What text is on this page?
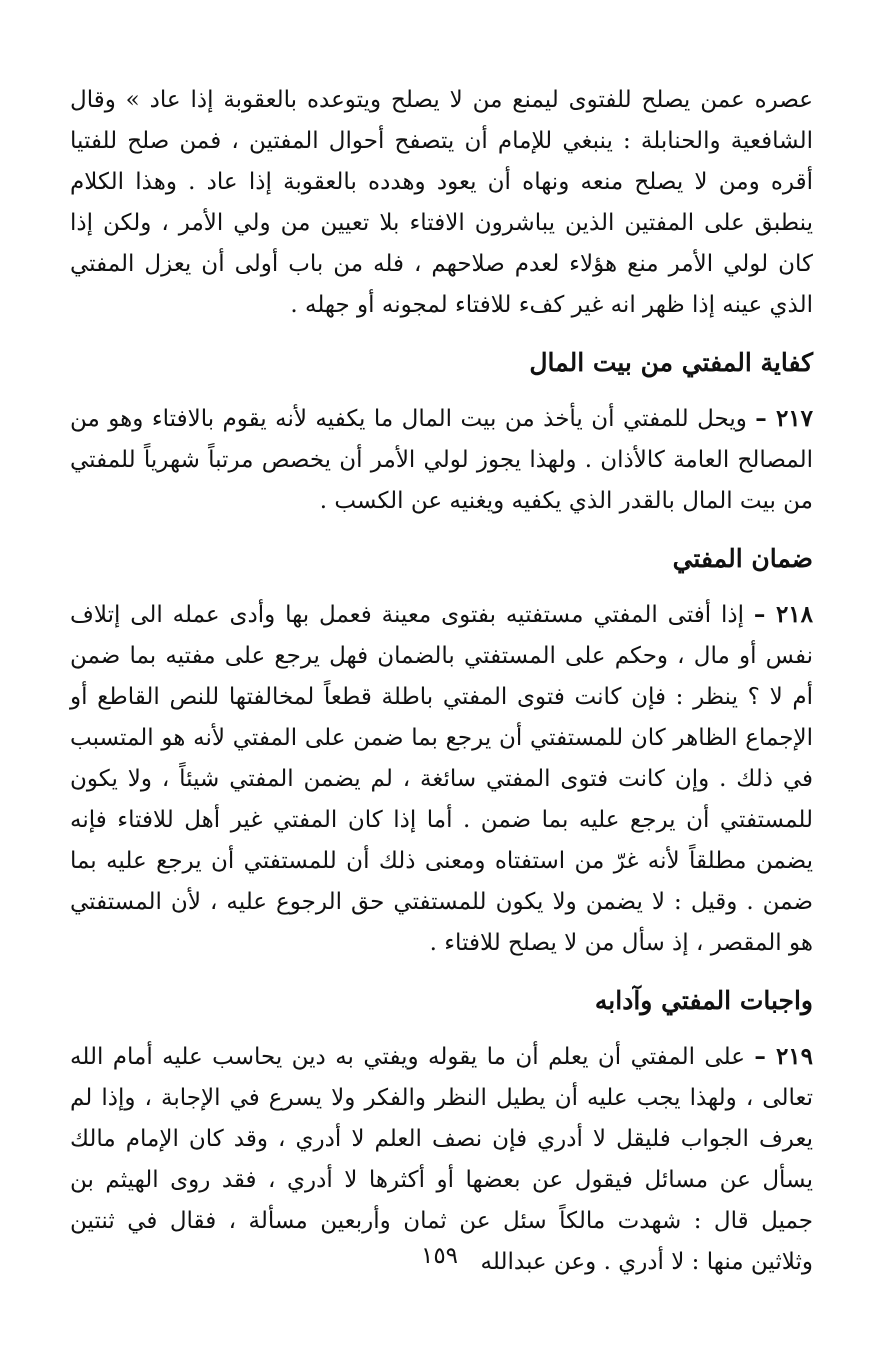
عصره عمن يصلح للفتوى ليمنع من لا يصلح ويتوعده بالعقوبة إذا عاد » وقال الشافعية والحنابلة : ينبغي للإمام أن يتصفح أحوال المفتين ، فمن صلح للفتيا أقره ومن لا يصلح منعه ونهاه أن يعود وهدده بالعقوبة إذا عاد . وهذا الكلام ينطبق على المفتين الذين يباشرون الافتاء بلا تعيين من ولي الأمر ، ولكن إذا كان لولي الأمر منع هؤلاء لعدم صلاحهم ، فله من باب أولى أن يعزل المفتي الذي عينه إذا ظهر انه غير كفء للافتاء لمجونه أو جهله .

كفاية المفتي من بيت المال

٢١٧ – ويحل للمفتي أن يأخذ من بيت المال ما يكفيه لأنه يقوم بالافتاء وهو من المصالح العامة كالأذان . ولهذا يجوز لولي الأمر أن يخصص مرتباً شهرياً للمفتي من بيت المال بالقدر الذي يكفيه ويغنيه عن الكسب .

ضمان المفتي

٢١٨ – إذا أفتى المفتي مستفتيه بفتوى معينة فعمل بها وأدى عمله الى إتلاف نفس أو مال ، وحكم على المستفتي بالضمان فهل يرجع على مفتيه بما ضمن أم لا ؟ ينظر : فإن كانت فتوى المفتي باطلة قطعاً لمخالفتها للنص القاطع أو الإجماع الظاهر كان للمستفتي أن يرجع بما ضمن على المفتي لأنه هو المتسبب في ذلك . وإن كانت فتوى المفتي سائغة ، لم يضمن المفتي شيئاً ، ولا يكون للمستفتي أن يرجع عليه بما ضمن . أما إذا كان المفتي غير أهل للافتاء فإنه يضمن مطلقاً لأنه غرّ من استفتاه ومعنى ذلك أن للمستفتي أن يرجع عليه بما ضمن . وقيل : لا يضمن ولا يكون للمستفتي حق الرجوع عليه ، لأن المستفتي هو المقصر ، إذ سأل من لا يصلح للافتاء .

واجبات المفتي وآدابه

٢١٩ – على المفتي أن يعلم أن ما يقوله ويفتي به دين يحاسب عليه أمام الله تعالى ، ولهذا يجب عليه أن يطيل النظر والفكر ولا يسرع في الإجابة ، وإذا لم يعرف الجواب فليقل لا أدري فإن نصف العلم لا أدري ، وقد كان الإمام مالك يسأل عن مسائل فيقول عن بعضها أو أكثرها لا أدري ، فقد روى الهيثم بن جميل قال : شهدت مالكاً سئل عن ثمان وأربعين مسألة ، فقال في ثنتين وثلاثين منها : لا أدري . وعن عبدالله

١٥٩
